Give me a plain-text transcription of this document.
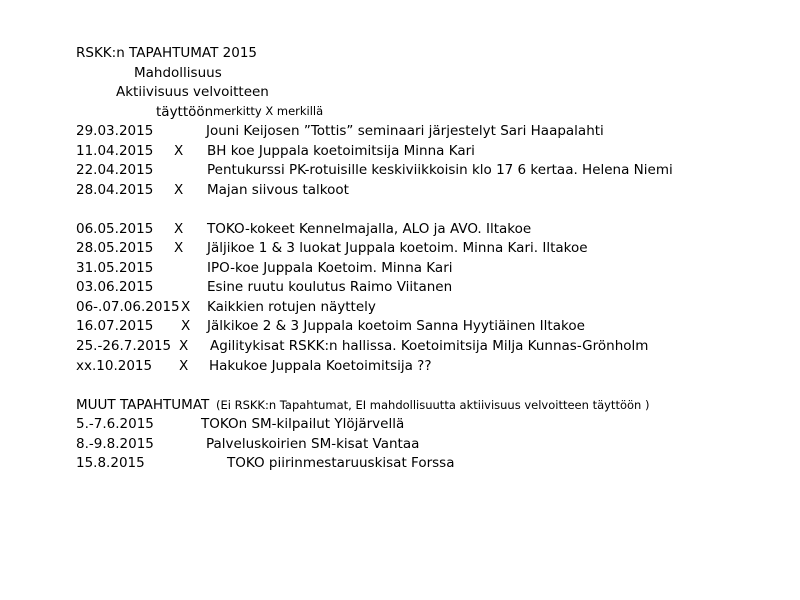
RSKK:n TAPAHTUMAT 2015
Mahdollisuus
Aktiivisuus velvoitteen
täyttöön merkitty X merkillä
29.03.2015	Jouni Keijosen ”Tottis” seminaari järjestelyt Sari Haapalahti
11.04.2015 X BH koe Juppala koetoimitsija Minna Kari
22.04.2015	Pentukurssi PK-rotuisille keskiviikkoisin klo 17 6 kertaa. Helena Niemi
28.04.2015 X Majan siivous talkoot
06.05.2015 X TOKO-kokeet Kennelmajalla, ALO ja AVO. Iltakoe
28.05.2015 X Jäljikoe 1 & 3 luokat Juppala koetoim. Minna Kari. Iltakoe
31.05.2015	IPO-koe Juppala Koetoim. Minna Kari
03.06.2015	Esine ruutu koulutus Raimo Viitanen
06-.07.06.2015 X Kaikkien rotujen näyttely
16.07.2015 X Jälkikoe 2 & 3 Juppala koetoim Sanna Hyytiäinen Iltakoe
25.-26.7.2015 X Agilitykisat RSKK:n hallissa. Koetoimitsija Milja Kunnas-Grönholm
xx.10.2015 X Hakukoe Juppala Koetoimitsija ??
MUUT TAPAHTUMAT (Ei RSKK:n Tapahtumat, EI mahdollisuutta aktiivisuus velvoitteen täyttöön )
5.-7.6.2015	TOKOn SM-kilpailut Ylöjärvellä
8.-9.8.2015	Palveluskoirien SM-kisat Vantaa
15.8.2015	TOKO piirinmestaruuskisat Forssa
